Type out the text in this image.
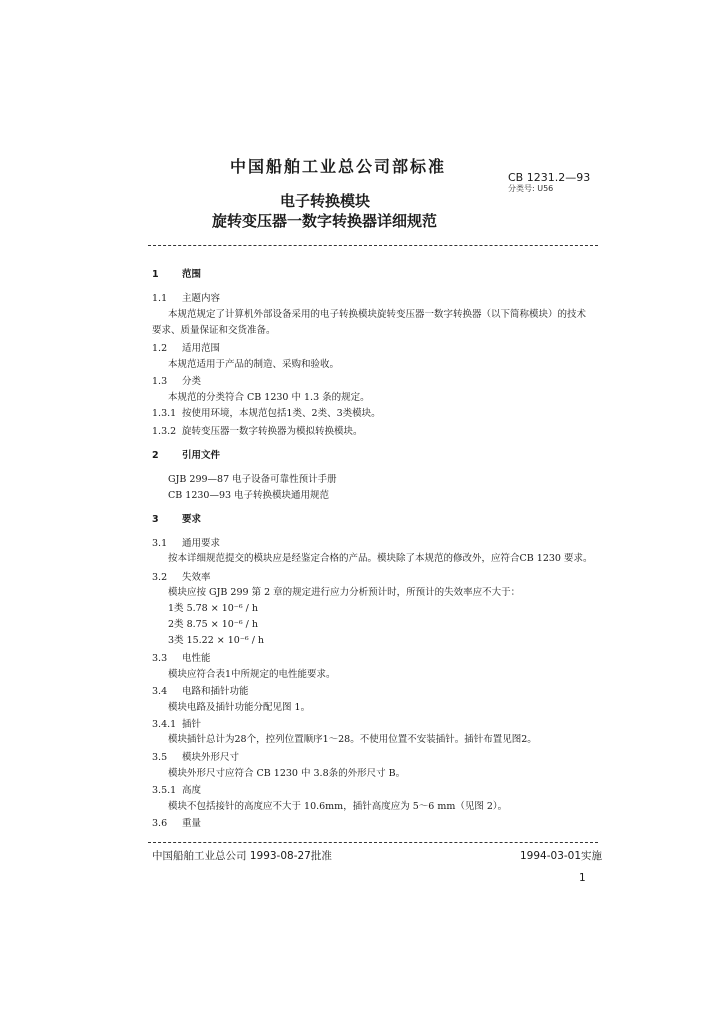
中国船舶工业总公司部标准
CB 1231.2—93
分类号: U56
电子转换模块
旋转变压器一数字转换器详细规范
1 范围
1.1 主题内容
本规范规定了计算机外部设备采用的电子转换模块旋转变压器一数字转换器（以下简称模块）的技术
要求、质量保证和交货准备。
1.2 适用范围
本规范适用于产品的制造、采购和验收。
1.3 分类
本规范的分类符合 CB 1230 中 1.3 条的规定。
1.3.1 按使用环境，本规范包括1类、2类、3类模块。
1.3.2 旋转变压器一数字转换器为模拟转换模块。
2 引用文件
GJB 299—87 电子设备可靠性预计手册
CB 1230—93 电子转换模块通用规范
3 要求
3.1 通用要求
按本详细规范提交的模块应是经鉴定合格的产品。模块除了本规范的修改外，应符合CB 1230 要求。
3.2 失效率
模块应按 GJB 299 第 2 章的规定进行应力分析预计时，所预计的失效率应不大于：
1类 5.78 × 10⁻⁶ / h
2类 8.75 × 10⁻⁶ / h
3类 15.22 × 10⁻⁶ / h
3.3 电性能
模块应符合表1中所规定的电性能要求。
3.4 电路和插针功能
模块电路及插针功能分配见图 1。
3.4.1 插针
模块插针总计为28个，控列位置顺序1～28。不使用位置不安装插针。插针布置见图2。
3.5 模块外形尺寸
模块外形尺寸应符合 CB 1230 中 3.8条的外形尺寸 B。
3.5.1 高度
模块不包括接针的高度应不大于 10.6mm，插针高度应为 5～6 mm（见图 2）。
3.6 重量
中国船舶工业总公司 1993-08-27批准	1994-03-01实施
1
